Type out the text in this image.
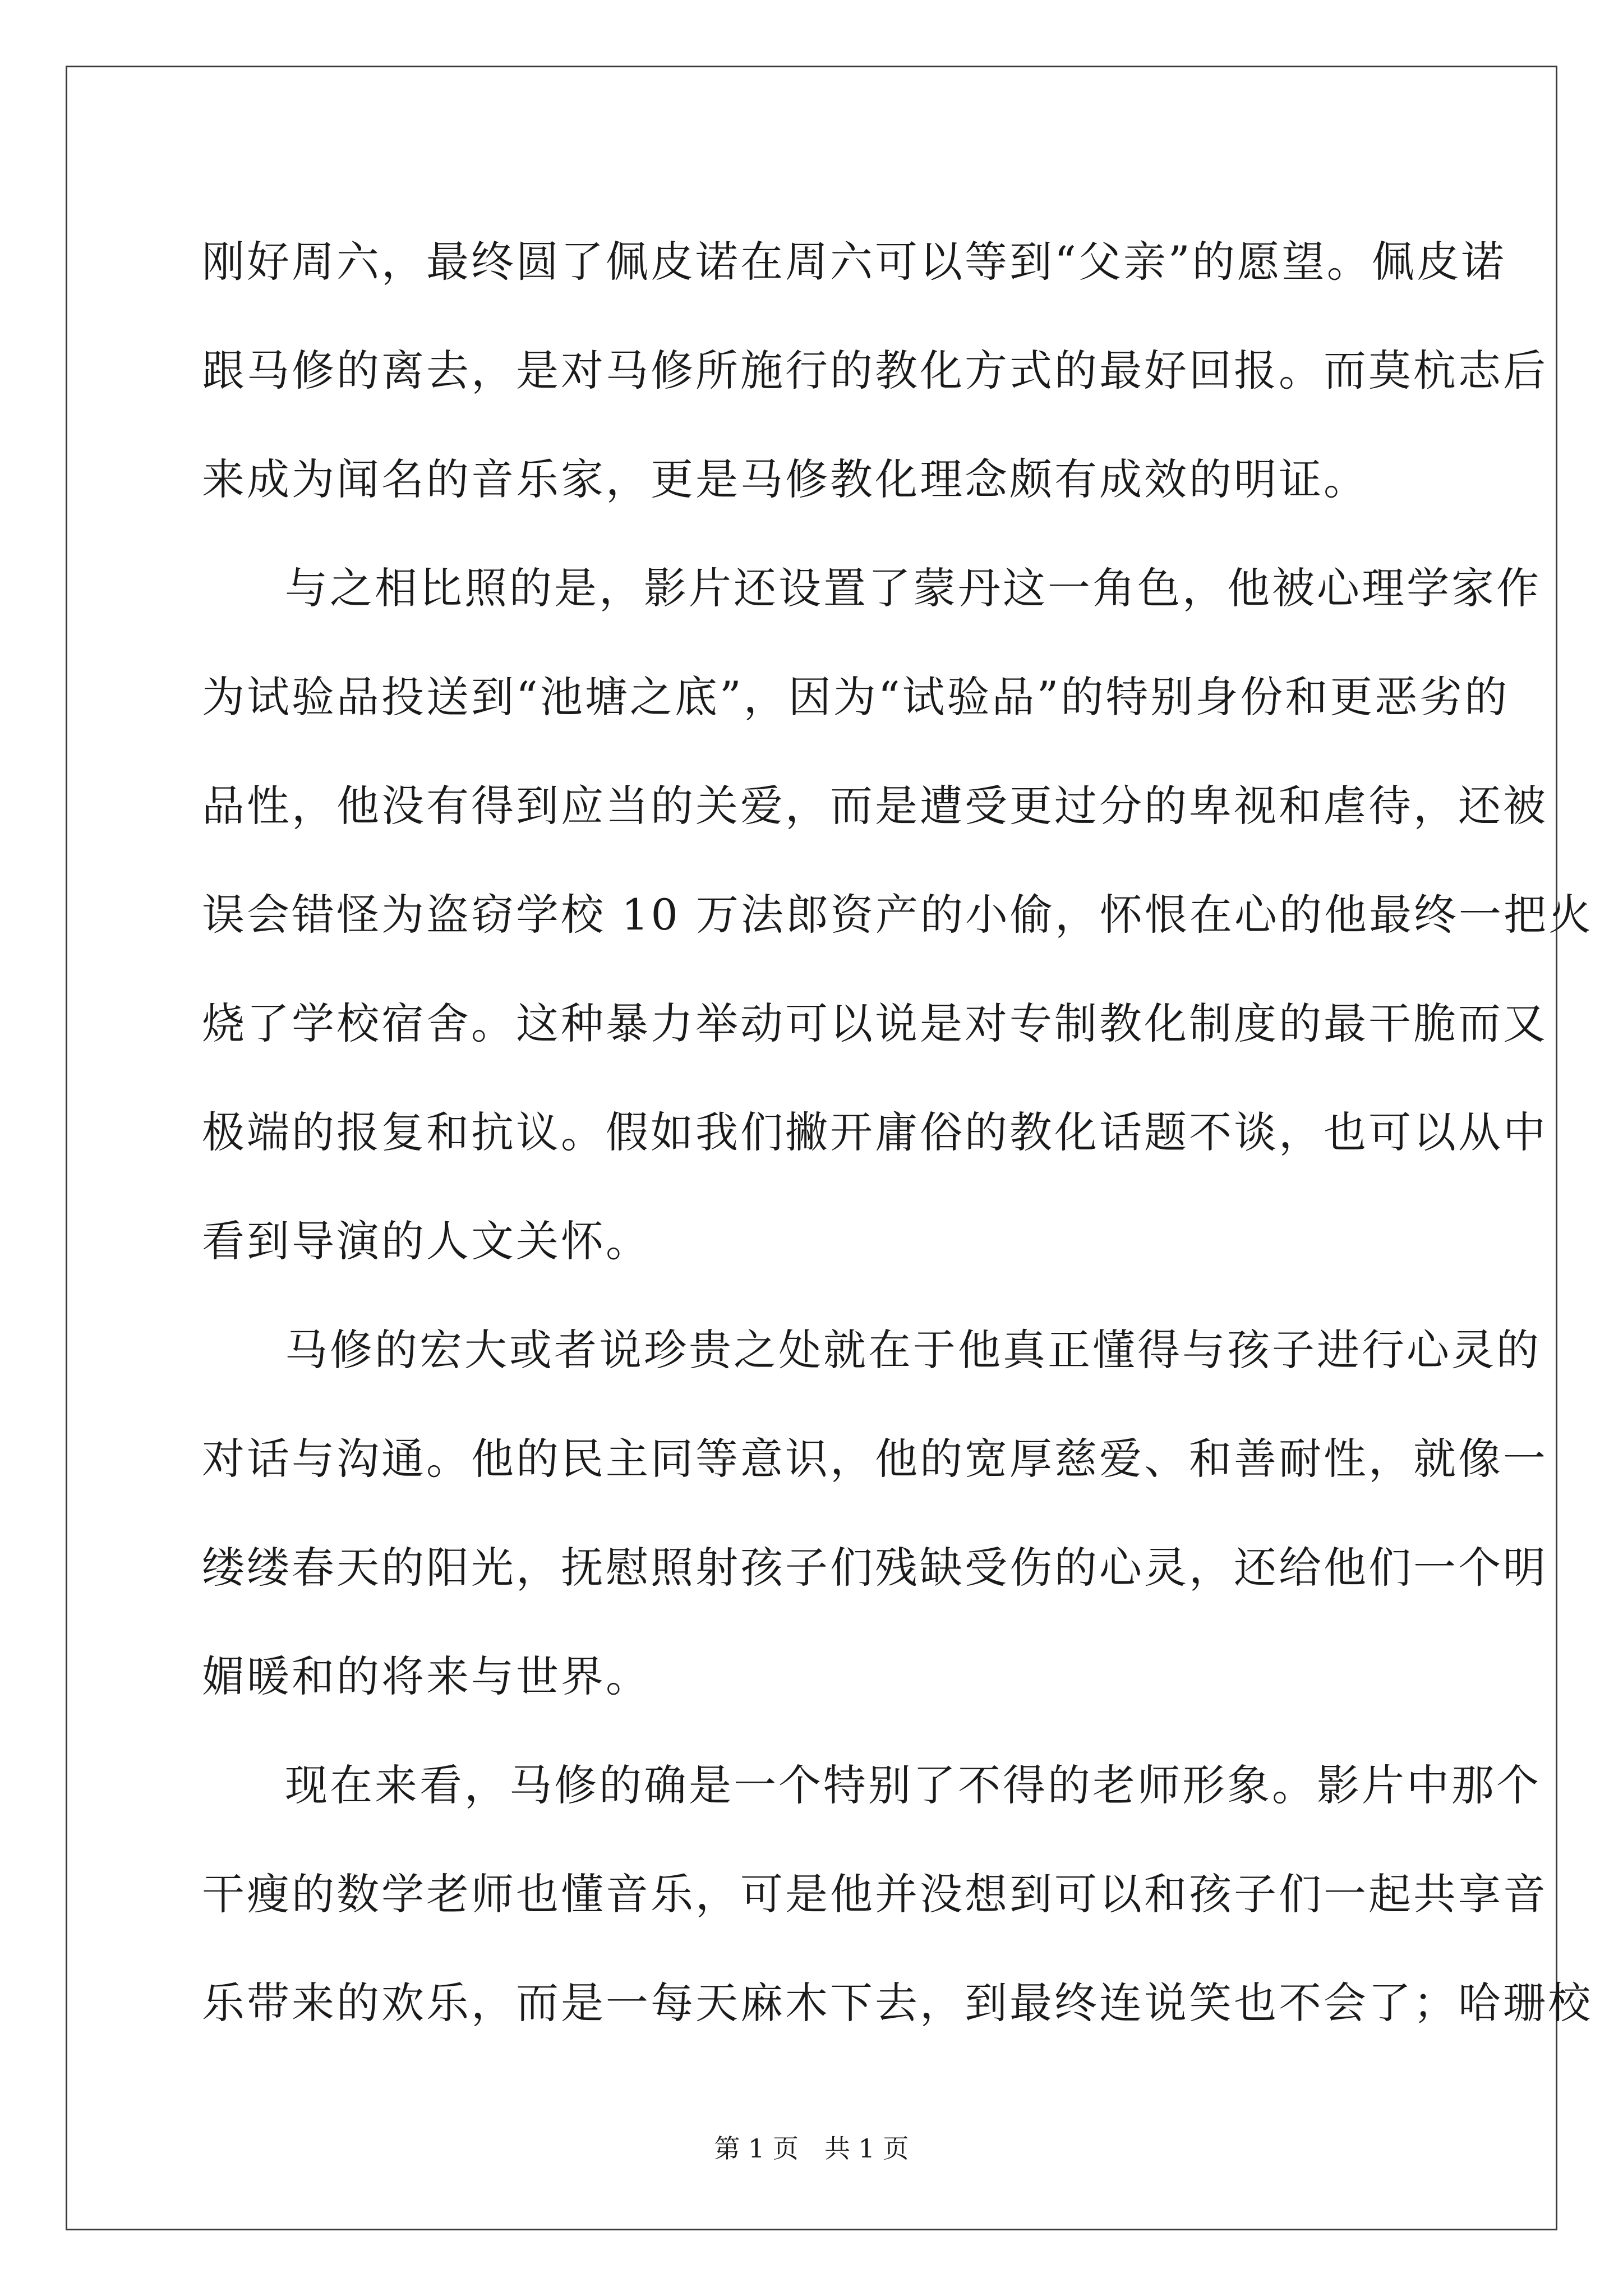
刚好周六，最终圆了佩皮诺在周六可以等到“父亲”的愿望。佩皮诺
跟马修的离去，是对马修所施行的教化方式的最好回报。而莫杭志后
来成为闻名的音乐家，更是马修教化理念颇有成效的明证。
与之相比照的是，影片还设置了蒙丹这一角色，他被心理学家作
为试验品投送到“池塘之底”，因为“试验品”的特别身份和更恶劣的
品性，他没有得到应当的关爱，而是遭受更过分的卑视和虐待，还被
误会错怪为盗窃学校 10 万法郎资产的小偷，怀恨在心的他最终一把火
烧了学校宿舍。这种暴力举动可以说是对专制教化制度的最干脆而又
极端的报复和抗议。假如我们撇开庸俗的教化话题不谈，也可以从中
看到导演的人文关怀。
马修的宏大或者说珍贵之处就在于他真正懂得与孩子进行心灵的
对话与沟通。他的民主同等意识，他的宽厚慈爱、和善耐性，就像一
缕缕春天的阳光，抚慰照射孩子们残缺受伤的心灵，还给他们一个明
媚暖和的将来与世界。
现在来看，马修的确是一个特别了不得的老师形象。影片中那个
干瘦的数学老师也懂音乐，可是他并没想到可以和孩子们一起共享音
乐带来的欢乐，而是一每天麻木下去，到最终连说笑也不会了；哈珊校
第 1 页 共 1 页
